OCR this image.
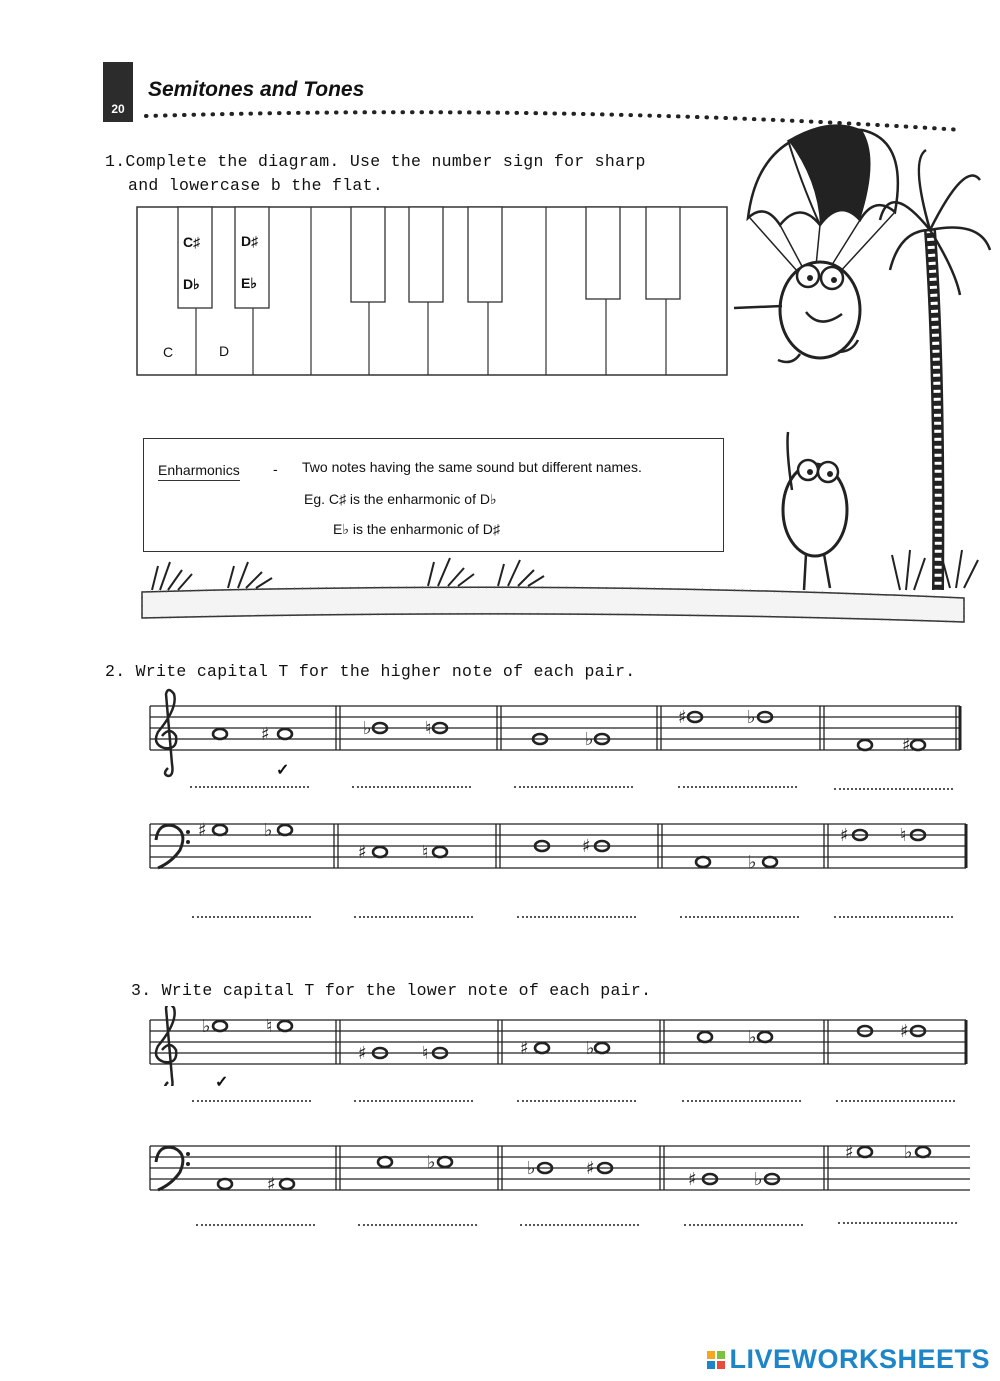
20
Semitones and Tones
1.Complete the diagram. Use the number sign for sharp
and lowercase b the flat.
C♯
D♭
D♯
E♭
C	D
Enharmonics - Two notes having the same sound but different names.
Eg. C♯ is the enharmonic of D♭
E♭ is the enharmonic of D♯
2. Write capital T for the higher note of each pair.
♯	♭	♮
♭
♯	♭
♯
✓
♯	♭
♯	♮	♯
♭
♯	♮
3. Write capital T for the lower note of each pair.
♭	♮
♯	♮	♯	♭
♭	♯
✓
♯
♭	♭	♯
♯	♭
♯	♭
LIVEWORKSHEETS
